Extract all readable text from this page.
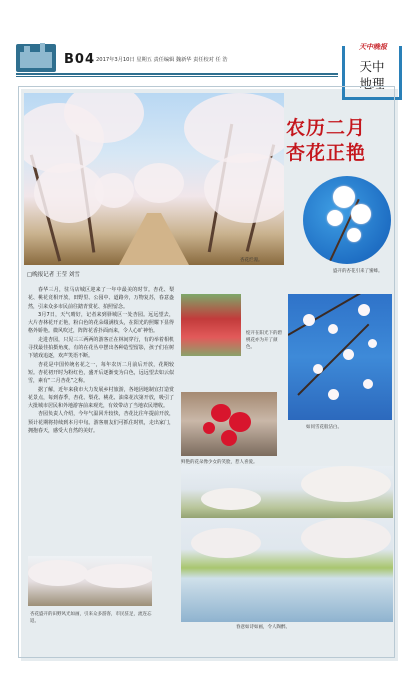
B04 2017年3月10日 星期五 责任编辑 魏新华 责任校对 任 浩
天中晚报
天中
地理
杏花烂漫。
农历二月
杏花正艳
盛开的杏花引来了蜜蜂。
□晚报记者 王莹 刘雪

春华三月，驻马店城区迎来了一年中最美的时节。杏花、梨花、桃花竞相开放，田野里、公园中、道路旁，万物复苏，春意盎然，引来众多市民前往踏青赏花、拍照留念。

3月7日，天气晴好，记者来到驿城区一处杏园。远远望去，大片杏林花开正艳，粉白色的花朵缀满枝头，在阳光的照耀下显得格外娇艳。微风吹过，阵阵花香扑面而来，令人心旷神怡。

走进杏园，只见三三两两的游客正在林间穿行，有的举着相机寻找最佳拍摄角度，有的在花丛中摆出各种造型留影，孩子们在树下嬉戏追逐，欢声笑语不断。

杏花是中国传统名花之一，每年农历二月前后开放，花期较短。杏花初开时为粉红色，盛开后逐渐变为白色，远远望去如云似雪，素有“二月杏花”之称。

据了解，近年来我市大力发展乡村旅游，各地因地制宜打造赏花景点，每到春季，杏花、梨花、桃花、油菜花次第开放，吸引了大批城市居民和外地游客前来观光，有效带动了当地农民增收。

杏园负责人介绍，今年气温回升较快，杏花比往年提前开放，预计花期将持续到本月中旬。游客朋友们可抓住时机，走出家门，拥抱春天，感受大自然的美好。

绽开在阳光下的碧桃花亦为开了颜色。
如同雪花般洁白。
鲜艳的花朵像少女的笑脸，惹人喜爱。
春意如诗如画，令人陶醉。
杏花盛开的田野风光如画，引来众多游客，市民驻足，流连忘返。
